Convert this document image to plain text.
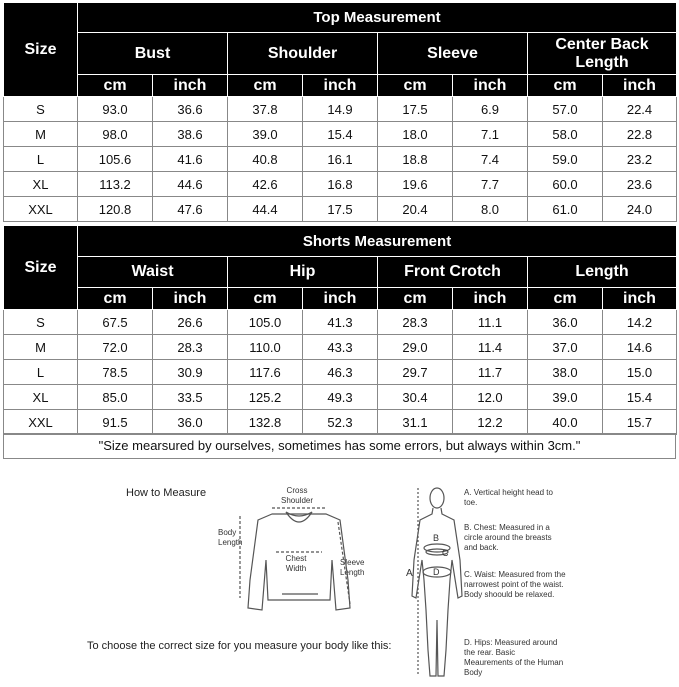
Size	Top Measurement							
	Bust		Shoulder		Sleeve		Center Back Length	
	cm	inch	cm	inch	cm	inch	cm	inch
S	93.0	36.6	37.8	14.9	17.5	6.9	57.0	22.4
M	98.0	38.6	39.0	15.4	18.0	7.1	58.0	22.8
L	105.6	41.6	40.8	16.1	18.8	7.4	59.0	23.2
XL	113.2	44.6	42.6	16.8	19.6	7.7	60.0	23.6
XXL	120.8	47.6	44.4	17.5	20.4	8.0	61.0	24.0
Size	Shorts Measurement							
	Waist		Hip		Front Crotch		Length	
	cm	inch	cm	inch	cm	inch	cm	inch
S	67.5	26.6	105.0	41.3	28.3	11.1	36.0	14.2
M	72.0	28.3	110.0	43.3	29.0	11.4	37.0	14.6
L	78.5	30.9	117.6	46.3	29.7	11.7	38.0	15.0
XL	85.0	33.5	125.2	49.3	30.4	12.0	39.0	15.4
XXL	91.5	36.0	132.8	52.3	31.1	12.2	40.0	15.7
"Size mearsured by ourselves, sometimes has some errors, but always within 3cm."
How to Measure	Cross Shoulder
Body Length
Chest Width
Sleeve Length
To choose the correct size for you measure your body like this:
A
B
C
D
A. Vertical height head to toe.
B. Chest: Measured in a circle around the breasts and back.
C. Waist: Measured from the narrowest point of the waist. Body shoould be relaxed.
D. Hips: Measured around the rear. Basic Meaurements of the Human Body
